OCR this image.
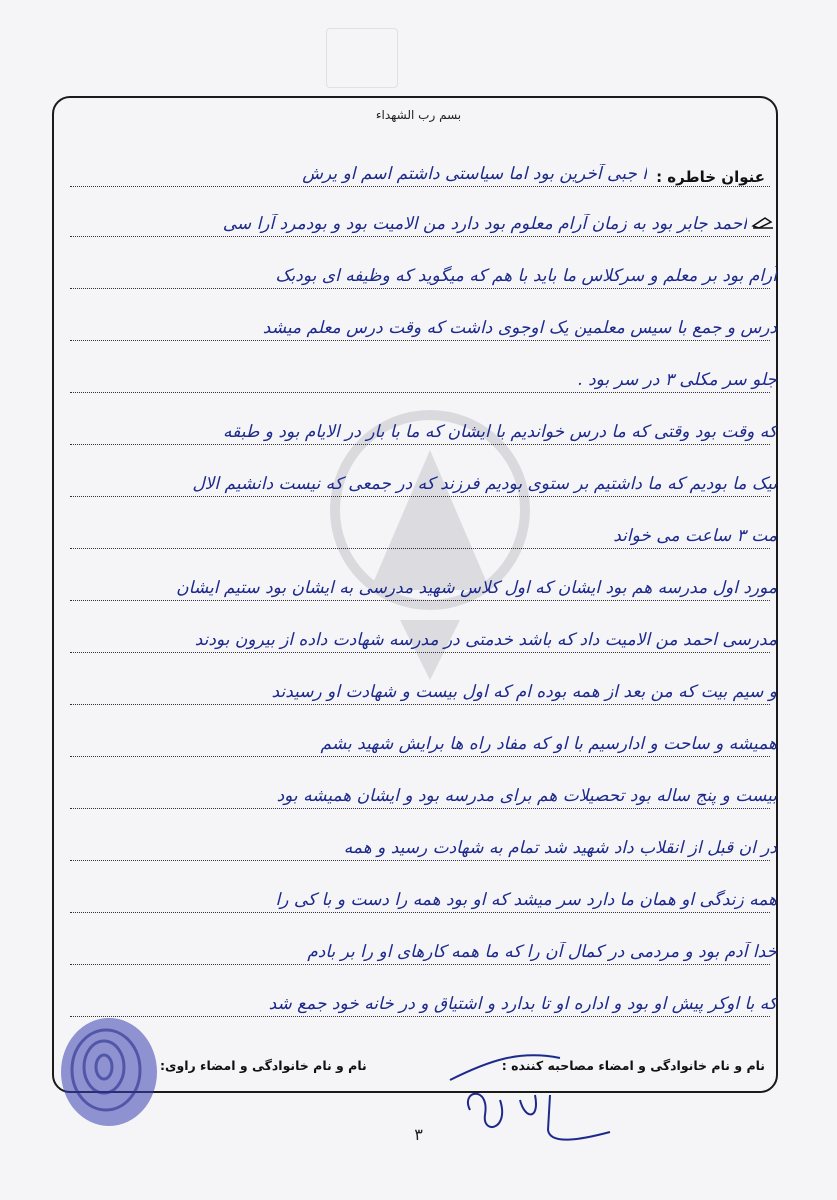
بسم رب الشهداء
عنوان خاطره :
ا جبی آخرین بود اما سیاستی داشتم اسم او یرش
احمد جابر بود به زمان آرام معلوم بود دارد من الامیت بود و بودمرد آرا سی
آرام بود بر معلم و سرکلاس ما باید با هم که میگوید که وظیفه ای بودبک
درس و جمع با سیس معلمین یک اوجوی داشت که وقت درس معلم میشد
جلو سر مکلی ۳ در سر بود .
که وقت بود وقتی که ما درس خواندیم با ایشان که ما با بار در الایام بود و طبقه
نیک ما بودیم که ما داشتیم بر ستوی بودیم فرزند که در جمعی که نیست دانشیم الال
مت ۳ ساعت می خواند
مورد اول مدرسه هم بود ایشان که اول کلاس شهید مدرسی به ایشان بود ستیم ایشان
مدرسی احمد من الامیت داد که باشد خدمتی در مدرسه شهادت داده از بیرون بودند
و سیم بیت که من بعد از همه بوده ام که اول بیست و شهادت او رسیدند
همیشه و ساحت و ادارسیم با او که مفاد راه ها برایش شهید بشم
بیست و پنج ساله بود تحصیلات هم برای مدرسه بود و ایشان همیشه بود
در ان قبل از انقلاب داد شهید شد تمام به شهادت رسید و همه
همه زندگی او همان ما دارد سر میشد که او بود همه را دست و با کی را
خدا آدم بود و مردمی در کمال آن را که ما همه کارهای او را بر بادم
که با اوکر پیش او بود و اداره او تا بدارد و اشتیاق و در خانه خود جمع شد
نام و نام خانوادگی و امضاء مصاحبه کننده :
نام و نام خانوادگی و امضاء راوی:
۳
